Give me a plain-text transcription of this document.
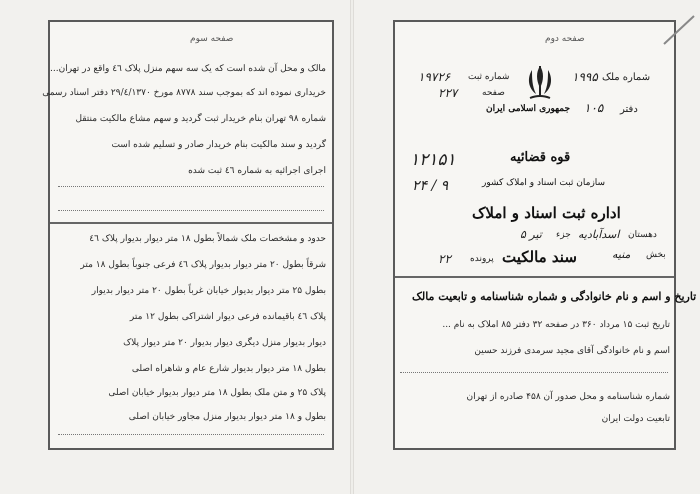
صفحه سوم
مالک و محل آن شده است که یک سه سهم منزل پلاک ٤٦ واقع در تهران...
خریداری نموده اند که بموجب سند ۸۷۷۸ مورخ ٢٩/٤/۱٣٧۰ دفتر اسناد رسمی
شماره ۹۸ تهران بنام خریدار ثبت گردید و سهم مشاع مالکیت منتقل
گردید و سند مالکیت بنام خریدار صادر و تسلیم شده است
اجرای اجرائیه به شماره ٤٦ ثبت شده
حدود و مشخصات ملک شمالاً بطول ۱۸ متر دیوار بدیوار پلاک ٤٦
شرقاً بطول ۲۰ متر دیوار بدیوار پلاک ٤٦ فرعی جنوباً بطول ۱۸ متر
بطول ۲۵ متر دیوار بدیوار خیابان غرباً بطول ۲۰ متر دیوار بدیوار
پلاک ٤٦ باقیمانده فرعی دیوار اشتراکی بطول ۱۲ متر
دیوار بدیوار منزل دیگری دیوار بدیوار ۲۰ متر دیوار پلاک
بطول ۱۸ متر دیوار بدیوار شارع عام و شاهراه اصلی
پلاک ۲۵ و متن ملک بطول ۱۸ متر دیوار بدیوار خیابان اصلی
بطول و ۱۸ متر دیوار بدیوار منزل مجاور خیابان اصلی
صفحه دوم
شماره ملک
۱۹۹۵
دفتر
۱۰۵
شماره ثبت
۱۹۷۲۶
صفحه
۲۲۷
جمهوری اسلامی ایران
قوه قضائیه
سازمان ثبت اسناد و املاک کشور
اداره ثبت اسناد و املاک
۱۲۱۵۱
۲۴ / ۹
دهستان
اسدآبادیه
جزء
۵ تیر
بخش
منیه
سند مالکیت
پرونده
۲۲
تاریخ و اسم و نام خانوادگی و شماره شناسنامه و تابعیت مالک
تاریخ ثبت ۱۵ مرداد ۳۶۰ در صفحه ۳۲ دفتر ۸۵ املاک به نام ...
اسم و نام خانوادگی آقای مجید سرمدی فرزند حسین
شماره شناسنامه و محل صدور آن ۴۵۸ صادره از تهران
تابعیت دولت ایران
